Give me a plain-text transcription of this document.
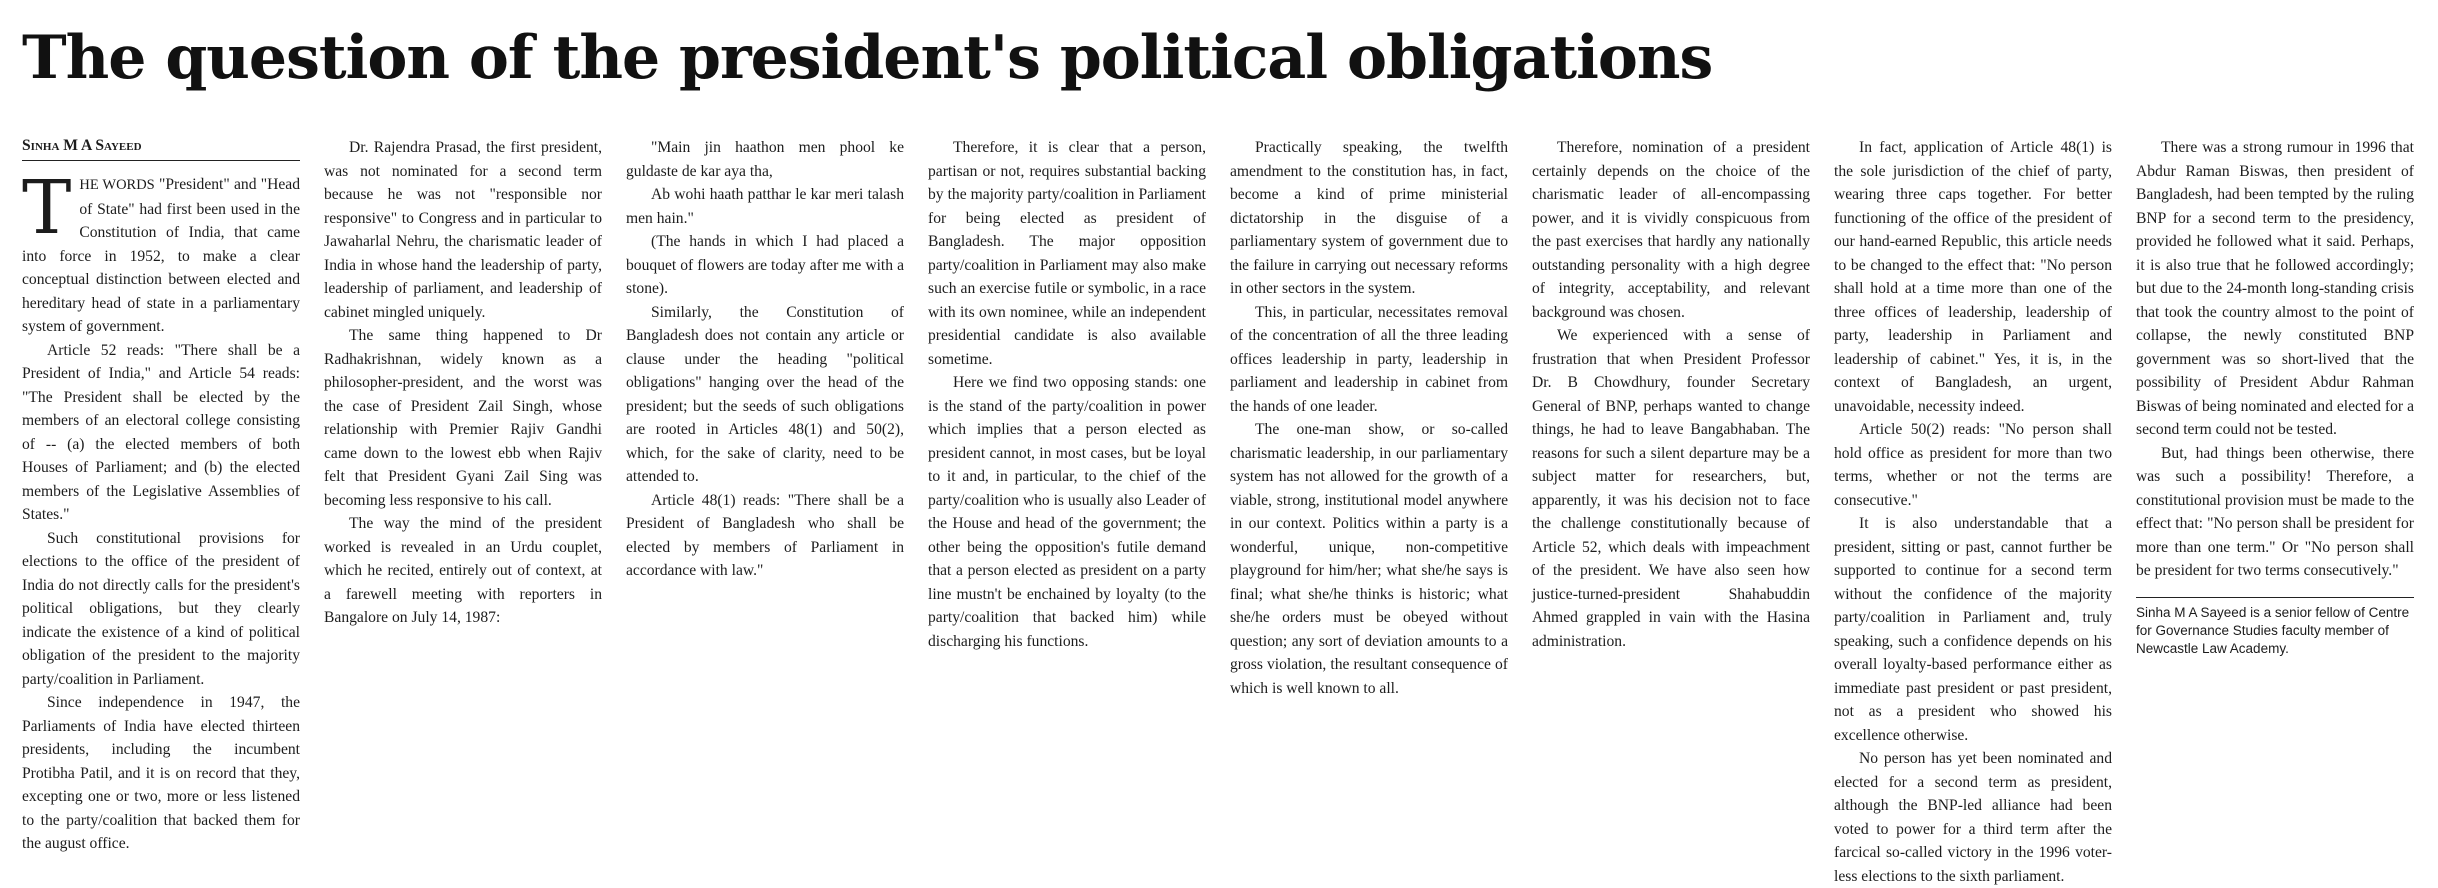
The question of the president's political obligations
Sinha M A Sayeed

THE WORDS "President" and "Head of State" had first been used in the Constitution of India, that came into force in 1952, to make a clear conceptual distinction between elected and hereditary head of state in a parliamentary system of government.

Article 52 reads: "There shall be a President of India," and Article 54 reads: "The President shall be elected by the members of an electoral college consisting of -- (a) the elected members of both Houses of Parliament; and (b) the elected members of the Legislative Assemblies of States."

Such constitutional provisions for elections to the office of the president of India do not directly calls for the president's political obligations, but they clearly indicate the existence of a kind of political obligation of the president to the majority party/coalition in Parliament.

Since independence in 1947, the Parliaments of India have elected thirteen presidents, including the incumbent Protibha Patil, and it is on record that they, excepting one or two, more or less listened to the party/coalition that backed them for the august office.

Dr. Rajendra Prasad, the first president, was not nominated for a second term because he was not "responsible nor responsive" to Congress and in particular to Jawaharlal Nehru, the charismatic leader of India in whose hand the leadership of party, leadership of parliament, and leadership of cabinet mingled uniquely.

The same thing happened to Dr Radhakrishnan, widely known as a philosopher-president, and the worst was the case of President Zail Singh, whose relationship with Premier Rajiv Gandhi came down to the lowest ebb when Rajiv felt that President Gyani Zail Sing was becoming less responsive to his call.

The way the mind of the president worked is revealed in an Urdu couplet, which he recited, entirely out of context, at a farewell meeting with reporters in Bangalore on July 14, 1987:

"Main jin haathon men phool ke guldaste de kar aya tha,

Ab wohi haath patthar le kar meri talash men hain."

(The hands in which I had placed a bouquet of flowers are today after me with a stone).

Similarly, the Constitution of Bangladesh does not contain any article or clause under the heading "political obligations" hanging over the head of the president; but the seeds of such obligations are rooted in Articles 48(1) and 50(2), which, for the sake of clarity, need to be attended to.

Article 48(1) reads: "There shall be a President of Bangladesh who shall be elected by members of Parliament in accordance with law."

Therefore, it is clear that a person, partisan or not, requires substantial backing by the majority party/coalition in Parliament for being elected as president of Bangladesh. The major opposition party/coalition in Parliament may also make such an exercise futile or symbolic, in a race with its own nominee, while an independent presidential candidate is also available sometime.

Here we find two opposing stands: one is the stand of the party/coalition in power which implies that a person elected as president cannot, in most cases, but be loyal to it and, in particular, to the chief of the party/coalition who is usually also Leader of the House and head of the government; the other being the opposition's futile demand that a person elected as president on a party line mustn't be enchained by loyalty (to the party/coalition that backed him) while discharging his functions.

Practically speaking, the twelfth amendment to the constitution has, in fact, become a kind of prime ministerial dictatorship in the disguise of a parliamentary system of government due to the failure in carrying out necessary reforms in other sectors in the system.

This, in particular, necessitates removal of the concentration of all the three leading offices leadership in party, leadership in parliament and leadership in cabinet from the hands of one leader.

The one-man show, or so-called charismatic leadership, in our parliamentary system has not allowed for the growth of a viable, strong, institutional model anywhere in our context. Politics within a party is a wonderful, unique, non-competitive playground for him/her; what she/he says is final; what she/he thinks is historic; what she/he orders must be obeyed without question; any sort of deviation amounts to a gross violation, the resultant consequence of which is well known to all.

Therefore, nomination of a president certainly depends on the choice of the charismatic leader of all-encompassing power, and it is vividly conspicuous from the past exercises that hardly any nationally outstanding personality with a high degree of integrity, acceptability, and relevant background was chosen.

We experienced with a sense of frustration that when President Professor Dr. B Chowdhury, founder Secretary General of BNP, perhaps wanted to change things, he had to leave Bangabhaban. The reasons for such a silent departure may be a subject matter for researchers, but, apparently, it was his decision not to face the challenge constitutionally because of Article 52, which deals with impeachment of the president. We have also seen how justice-turned-president Shahabuddin Ahmed grappled in vain with the Hasina administration.

In fact, application of Article 48(1) is the sole jurisdiction of the chief of party, wearing three caps together. For better functioning of the office of the president of our hand-earned Republic, this article needs to be changed to the effect that: "No person shall hold at a time more than one of the three offices of leadership, leadership of party, leadership in Parliament and leadership of cabinet." Yes, it is, in the context of Bangladesh, an urgent, unavoidable, necessity indeed.

Article 50(2) reads: "No person shall hold office as president for more than two terms, whether or not the terms are consecutive."

It is also understandable that a president, sitting or past, cannot further be supported to continue for a second term without the confidence of the majority party/coalition in Parliament and, truly speaking, such a confidence depends on his overall loyalty-based performance either as immediate past president or past president, not as a president who showed his excellence otherwise.

No person has yet been nominated and elected for a second term as president, although the BNP-led alliance had been voted to power for a third term after the farcical so-called victory in the 1996 voter-less elections to the sixth parliament.

There was a strong rumour in 1996 that Abdur Raman Biswas, then president of Bangladesh, had been tempted by the ruling BNP for a second term to the presidency, provided he followed what it said. Perhaps, it is also true that he followed accordingly; but due to the 24-month long-standing crisis that took the country almost to the point of collapse, the newly constituted BNP government was so short-lived that the possibility of President Abdur Rahman Biswas of being nominated and elected for a second term could not be tested.

But, had things been otherwise, there was such a possibility! Therefore, a constitutional provision must be made to the effect that: "No person shall be president for more than one term." Or "No person shall be president for two terms consecutively."

Sinha M A Sayeed is a senior fellow of Centre for Governance Studies faculty member of Newcastle Law Academy.
